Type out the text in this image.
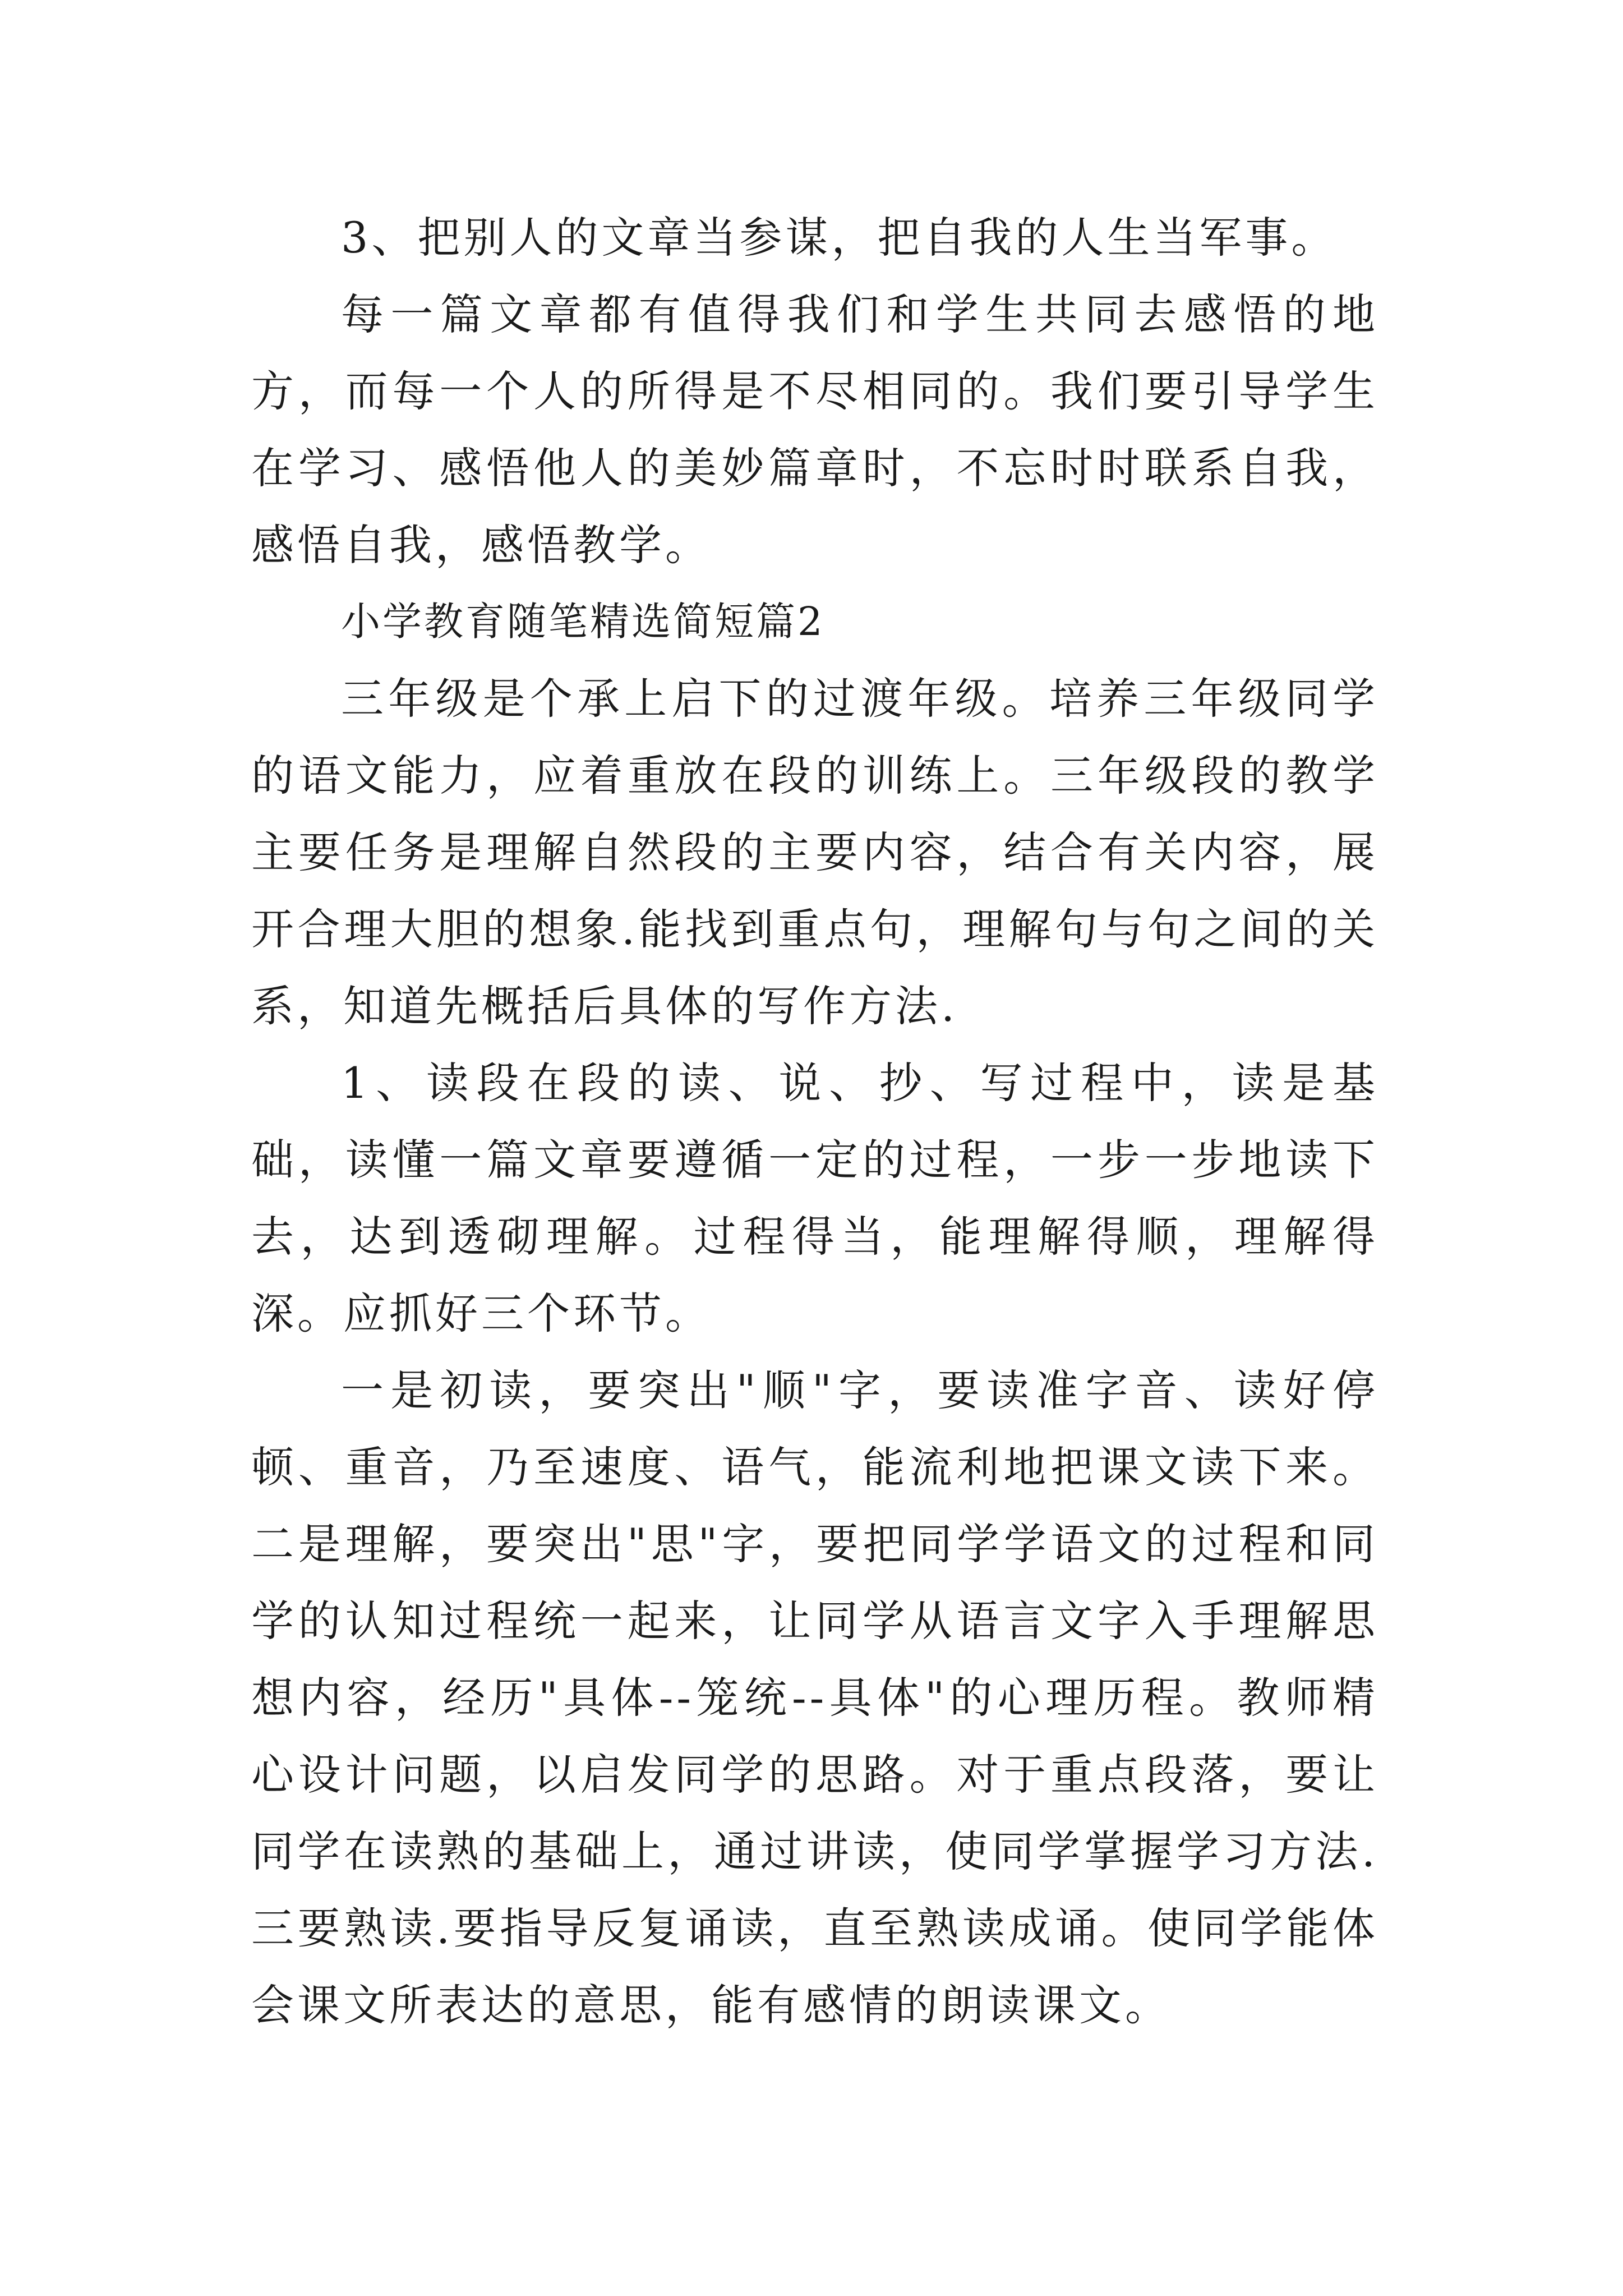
3、把别人的文章当参谋，把自我的人生当军事。

每一篇文章都有值得我们和学生共同去感悟的地方，而每一个人的所得是不尽相同的。我们要引导学生在学习、感悟他人的美妙篇章时，不忘时时联系自我，感悟自我，感悟教学。

小学教育随笔精选简短篇2

三年级是个承上启下的过渡年级。培养三年级同学的语文能力，应着重放在段的训练上。三年级段的教学主要任务是理解自然段的主要内容，结合有关内容，展开合理大胆的想象.能找到重点句，理解句与句之间的关系，知道先概括后具体的写作方法.

1、读段在段的读、说、抄、写过程中，读是基础，读懂一篇文章要遵循一定的过程，一步一步地读下去，达到透砌理解。过程得当，能理解得顺，理解得深。应抓好三个环节。

一是初读，要突出"顺"字，要读准字音、读好停顿、重音，乃至速度、语气，能流利地把课文读下来。二是理解，要突出"思"字，要把同学学语文的过程和同学的认知过程统一起来，让同学从语言文字入手理解思想内容，经历"具体--笼统--具体"的心理历程。教师精心设计问题，以启发同学的思路。对于重点段落，要让同学在读熟的基础上，通过讲读，使同学掌握学习方法.三要熟读.要指导反复诵读，直至熟读成诵。使同学能体会课文所表达的意思，能有感情的朗读课文。
